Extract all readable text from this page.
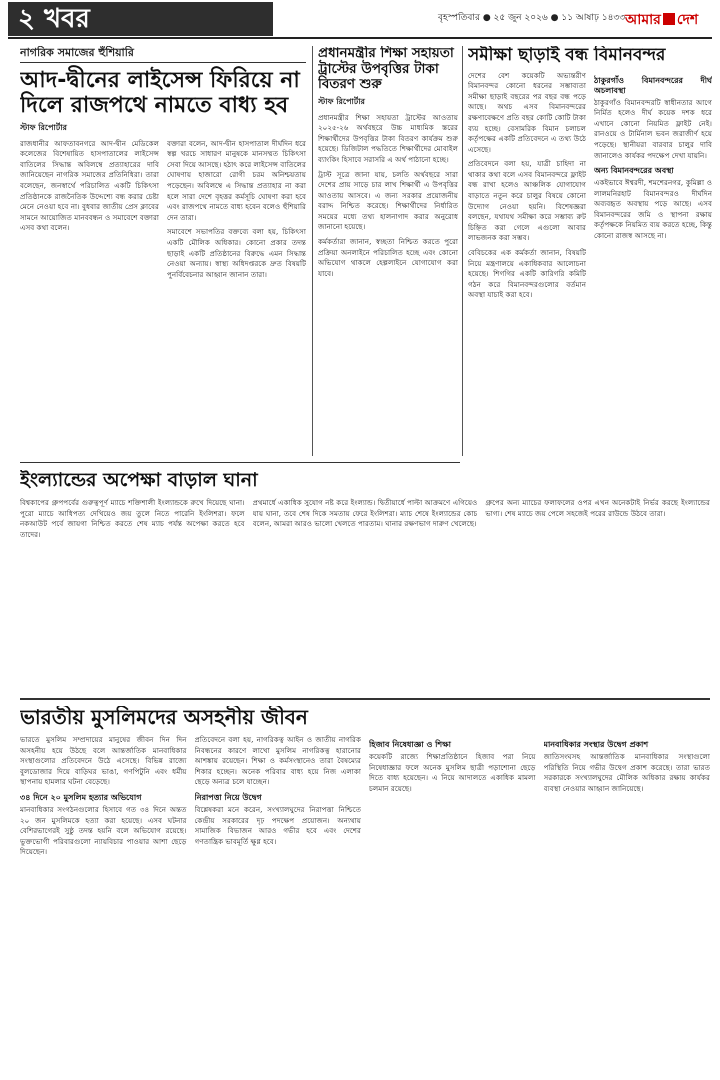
২ খবর	বৃহস্পতিবার ● ২৫ জুন ২০২৬ ● ১১ আষাঢ় ১৪৩৩ আমার দেশ
নাগরিক সমাজের হুঁশিয়ারি
আদ-দ্বীনের লাইসেন্স ফিরিয়ে না দিলে রাজপথে নামতে বাধ্য হব
স্টাফ রিপোর্টার

রাজধানীর আফতাবনগরে আদ-দ্বীন মেডিকেল কলেজের বিশেষায়িত হাসপাতালের লাইসেন্স বাতিলের সিদ্ধান্ত অবিলম্বে প্রত্যাহারের দাবি জানিয়েছেন নাগরিক সমাজের প্রতিনিধিরা। তারা বলেছেন, জনস্বার্থে পরিচালিত একটি চিকিৎসা প্রতিষ্ঠানকে রাজনৈতিক উদ্দেশ্যে বন্ধ করার চেষ্টা মেনে নেওয়া হবে না। বুধবার জাতীয় প্রেস ক্লাবের সামনে আয়োজিত মানববন্ধন ও সমাবেশে বক্তারা এসব কথা বলেন।

বক্তারা বলেন, আদ-দ্বীন হাসপাতাল দীর্ঘদিন ধরে স্বল্প খরচে সাধারণ মানুষকে মানসম্মত চিকিৎসা সেবা দিয়ে আসছে। হঠাৎ করে লাইসেন্স বাতিলের ঘোষণায় হাজারো রোগী চরম অনিশ্চয়তায় পড়েছেন। অবিলম্বে এ সিদ্ধান্ত প্রত্যাহার না করা হলে সারা দেশে বৃহত্তর কর্মসূচি ঘোষণা করা হবে এবং রাজপথে নামতে বাধ্য হবেন বলেও হুঁশিয়ারি দেন তারা।

সমাবেশে সভাপতির বক্তব্যে বলা হয়, চিকিৎসা একটি মৌলিক অধিকার। কোনো প্রকার তদন্ত ছাড়াই একটি প্রতিষ্ঠানের বিরুদ্ধে এমন সিদ্ধান্ত নেওয়া অন্যায়। স্বাস্থ্য অধিদপ্তরকে দ্রুত বিষয়টি পুনর্বিবেচনার আহ্বান জানান তারা।

প্রধানমন্ত্রীর শিক্ষা সহায়তা ট্রাস্টের উপবৃত্তির টাকা বিতরণ শুরু
স্টাফ রিপোর্টার

প্রধানমন্ত্রীর শিক্ষা সহায়তা ট্রাস্টের আওতায় ২০২৫-২৬ অর্থবছরে উচ্চ মাধ্যমিক স্তরের শিক্ষার্থীদের উপবৃত্তির টাকা বিতরণ কার্যক্রম শুরু হয়েছে। ডিজিটাল পদ্ধতিতে শিক্ষার্থীদের মোবাইল ব্যাংকিং হিসাবে সরাসরি এ অর্থ পাঠানো হচ্ছে।

ট্রাস্ট সূত্রে জানা যায়, চলতি অর্থবছরে সারা দেশের প্রায় সাড়ে চার লাখ শিক্ষার্থী এ উপবৃত্তির আওতায় আসবে। এ জন্য সরকার প্রয়োজনীয় বরাদ্দ নিশ্চিত করেছে। শিক্ষার্থীদের নির্ধারিত সময়ের মধ্যে তথ্য হালনাগাদ করার অনুরোধ জানানো হয়েছে।

কর্মকর্তারা জানান, স্বচ্ছতা নিশ্চিত করতে পুরো প্রক্রিয়া অনলাইনে পরিচালিত হচ্ছে এবং কোনো অভিযোগ থাকলে হেল্পলাইনে যোগাযোগ করা যাবে।

সমীক্ষা ছাড়াই বন্ধ বিমানবন্দর

দেশের বেশ কয়েকটি অভ্যন্তরীণ বিমানবন্দর কোনো ধরনের সম্ভাব্যতা সমীক্ষা ছাড়াই বছরের পর বছর বন্ধ পড়ে আছে। অথচ এসব বিমানবন্দরের রক্ষণাবেক্ষণে প্রতি বছর কোটি কোটি টাকা ব্যয় হচ্ছে। বেসামরিক বিমান চলাচল কর্তৃপক্ষের একটি প্রতিবেদনে এ তথ্য উঠে এসেছে।

প্রতিবেদনে বলা হয়, যাত্রী চাহিদা না থাকার কথা বলে এসব বিমানবন্দরে ফ্লাইট বন্ধ রাখা হলেও আঞ্চলিক যোগাযোগ বাড়াতে নতুন করে চালুর বিষয়ে কোনো উদ্যোগ নেওয়া হয়নি। বিশেষজ্ঞরা বলছেন, যথাযথ সমীক্ষা করে সম্ভাব্য রুট চিহ্নিত করা গেলে এগুলো আবার লাভজনক করা সম্ভব।

বেবিচকের এক কর্মকর্তা জানান, বিষয়টি নিয়ে মন্ত্রণালয়ে একাধিকবার আলোচনা হয়েছে। শিগগির একটি কারিগরি কমিটি গঠন করে বিমানবন্দরগুলোর বর্তমান অবস্থা যাচাই করা হবে।

ঠাকুরগাঁও বিমানবন্দরের দীর্ঘ অচলাবস্থা

ঠাকুরগাঁও বিমানবন্দরটি স্বাধীনতার আগে নির্মিত হলেও দীর্ঘ কয়েক দশক ধরে এখানে কোনো নিয়মিত ফ্লাইট নেই। রানওয়ে ও টার্মিনাল ভবন জরাজীর্ণ হয়ে পড়েছে। স্থানীয়রা বারবার চালুর দাবি জানালেও কার্যকর পদক্ষেপ দেখা যায়নি।

অন্য বিমানবন্দরের অবস্থা

একইভাবে ঈশ্বরদী, শমশেরনগর, কুমিল্লা ও লালমনিরহাট বিমানবন্দরও দীর্ঘদিন অব্যবহৃত অবস্থায় পড়ে আছে। এসব বিমানবন্দরের জমি ও স্থাপনা রক্ষায় কর্তৃপক্ষকে নিয়মিত ব্যয় করতে হচ্ছে, কিন্তু কোনো রাজস্ব আসছে না।

ইংল্যান্ডের অপেক্ষা বাড়াল ঘানা

বিশ্বকাপের গ্রুপপর্বের গুরুত্বপূর্ণ ম্যাচে শক্তিশালী ইংল্যান্ডকে রুখে দিয়েছে ঘানা। পুরো ম্যাচে আধিপত্য দেখিয়েও জয় তুলে নিতে পারেনি ইংলিশরা। ফলে নকআউট পর্বে জায়গা নিশ্চিত করতে শেষ ম্যাচ পর্যন্ত অপেক্ষা করতে হবে তাদের।

প্রথমার্ধে একাধিক সুযোগ নষ্ট করে ইংল্যান্ড। দ্বিতীয়ার্ধে পাল্টা আক্রমণে এগিয়েও যায় ঘানা, তবে শেষ দিকে সমতায় ফেরে ইংলিশরা। ম্যাচ শেষে ইংল্যান্ডের কোচ বলেন, আমরা আরও ভালো খেলতে পারতাম। ঘানার রক্ষণভাগ দারুণ খেলেছে।

গ্রুপের অন্য ম্যাচের ফলাফলের ওপর এখন অনেকটাই নির্ভর করছে ইংল্যান্ডের ভাগ্য। শেষ ম্যাচে জয় পেলে সহজেই পরের রাউন্ডে উঠবে তারা।

ভারতীয় মুসলিমদের অসহনীয় জীবন

ভারতে মুসলিম সম্প্রদায়ের মানুষের জীবন দিন দিন অসহনীয় হয়ে উঠছে বলে আন্তর্জাতিক মানবাধিকার সংস্থাগুলোর প্রতিবেদনে উঠে এসেছে। বিভিন্ন রাজ্যে বুলডোজার দিয়ে বাড়িঘর ভাঙা, গণপিটুনি এবং ধর্মীয় স্থাপনায় হামলার ঘটনা বেড়েছে।

৩৪ দিনে ২০ মুসলিম হত্যার অভিযোগ

মানবাধিকার সংগঠনগুলোর হিসাবে গত ৩৪ দিনে অন্তত ২০ জন মুসলিমকে হত্যা করা হয়েছে। এসব ঘটনার বেশিরভাগেরই সুষ্ঠু তদন্ত হয়নি বলে অভিযোগ রয়েছে। ভুক্তভোগী পরিবারগুলো ন্যায়বিচার পাওয়ার আশা ছেড়ে দিয়েছেন।

প্রতিবেদনে বলা হয়, নাগরিকত্ব আইন ও জাতীয় নাগরিক নিবন্ধনের কারণে লাখো মুসলিম নাগরিকত্ব হারানোর আশঙ্কায় রয়েছেন। শিক্ষা ও কর্মসংস্থানেও তারা বৈষম্যের শিকার হচ্ছেন। অনেক পরিবার বাধ্য হয়ে নিজ এলাকা ছেড়ে অন্যত্র চলে যাচ্ছেন।

নিরাপত্তা নিয়ে উদ্বেগ

বিশ্লেষকরা মনে করেন, সংখ্যালঘুদের নিরাপত্তা নিশ্চিতে কেন্দ্রীয় সরকারের দৃঢ় পদক্ষেপ প্রয়োজন। অন্যথায় সামাজিক বিভাজন আরও গভীর হবে এবং দেশের গণতান্ত্রিক ভাবমূর্তি ক্ষুণ্ণ হবে।

হিজাব নিষেধাজ্ঞা ও শিক্ষা

কয়েকটি রাজ্যে শিক্ষাপ্রতিষ্ঠানে হিজাব পরা নিয়ে নিষেধাজ্ঞার ফলে অনেক মুসলিম ছাত্রী পড়াশোনা ছেড়ে দিতে বাধ্য হয়েছেন। এ নিয়ে আদালতে একাধিক মামলা চলমান রয়েছে।

মানবাধিকার সংস্থার উদ্বেগ প্রকাশ

জাতিসংঘসহ আন্তর্জাতিক মানবাধিকার সংস্থাগুলো পরিস্থিতি নিয়ে গভীর উদ্বেগ প্রকাশ করেছে। তারা ভারত সরকারকে সংখ্যালঘুদের মৌলিক অধিকার রক্ষায় কার্যকর ব্যবস্থা নেওয়ার আহ্বান জানিয়েছে।
